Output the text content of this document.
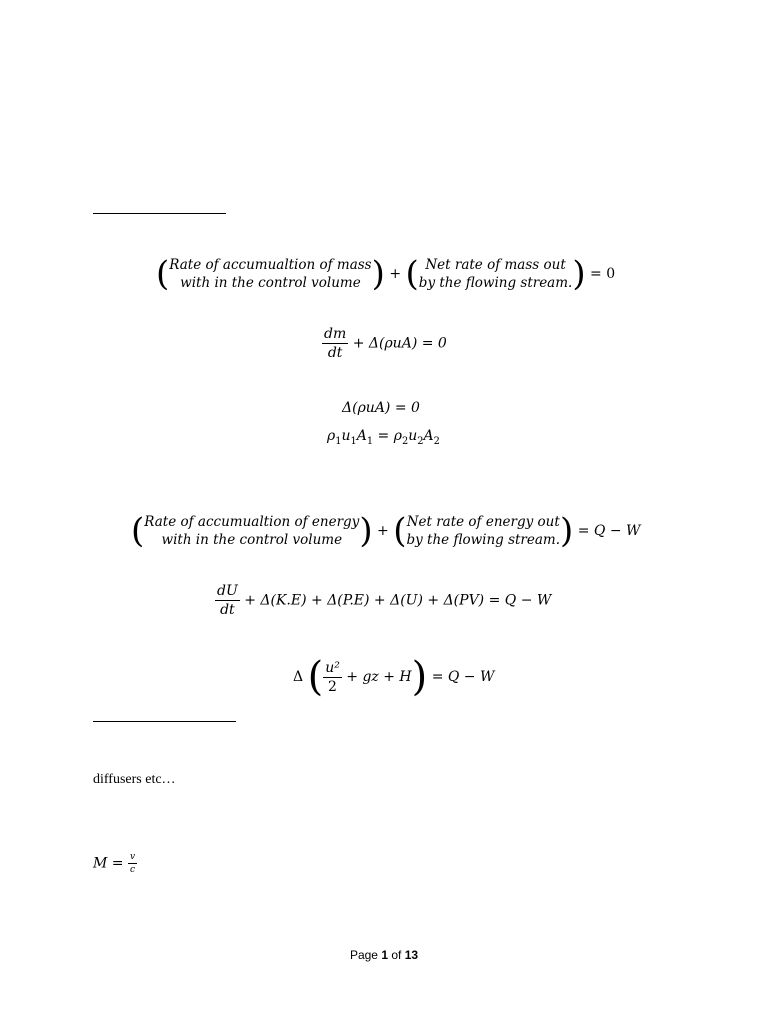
(Rate of accumualtion of mass
with in the control volume ) + ( Net rate of mass out
by the flowing stream.) = 0
$\frac{dm}{dt} + \Delta(\rho uA) = 0$
Δ(ρuA) = 0
$\rho_1u_1A_1 = \rho_2u_2A_2$
(Rate of accumualtion of energy
with in the control volume ) + (Net rate of energy out
by the flowing stream.) = Q − W
$\frac{dU}{dt} + \Delta(K.E) + \Delta(P.E) + \Delta(U) + \Delta(PV) = Q - W$
Δ ( $\frac{\text{u²}}{2}$ + gz + H) = Q − W
diffusers etc…
$M = \frac{v}{c}$
Page 1 of 13
